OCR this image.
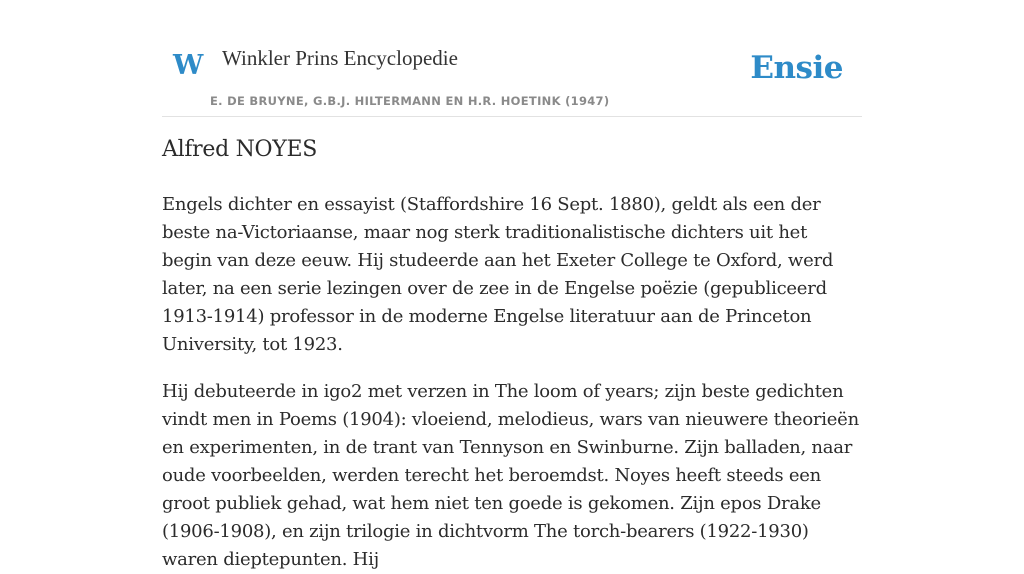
W Winkler Prins Encyclopedie
E. DE BRUYNE, G.B.J. HILTERMANN EN H.R. HOETINK (1947)
Ensie
Alfred NOYES

Engels dichter en essayist (Staffordshire 16 Sept. 1880), geldt als een der beste na-Victoriaanse, maar nog sterk traditionalistische dichters uit het begin van deze eeuw. Hij studeerde aan het Exeter College te Oxford, werd later, na een serie lezingen over de zee in de Engelse poëzie (gepubliceerd 1913-1914) professor in de moderne Engelse literatuur aan de Princeton University, tot 1923.

Hij debuteerde in igo2 met verzen in The loom of years; zijn beste gedichten vindt men in Poems (1904): vloeiend, melodieus, wars van nieuwere theorieën en experimenten, in de trant van Tennyson en Swinburne. Zijn balladen, naar oude voorbeelden, werden terecht het beroemdst. Noyes heeft steeds een groot publiek gehad, wat hem niet ten goede is gekomen. Zijn epos Drake (1906-1908), en zijn trilogie in dichtvorm The torch-bearers (1922-1930) waren dieptepunten. Hij
